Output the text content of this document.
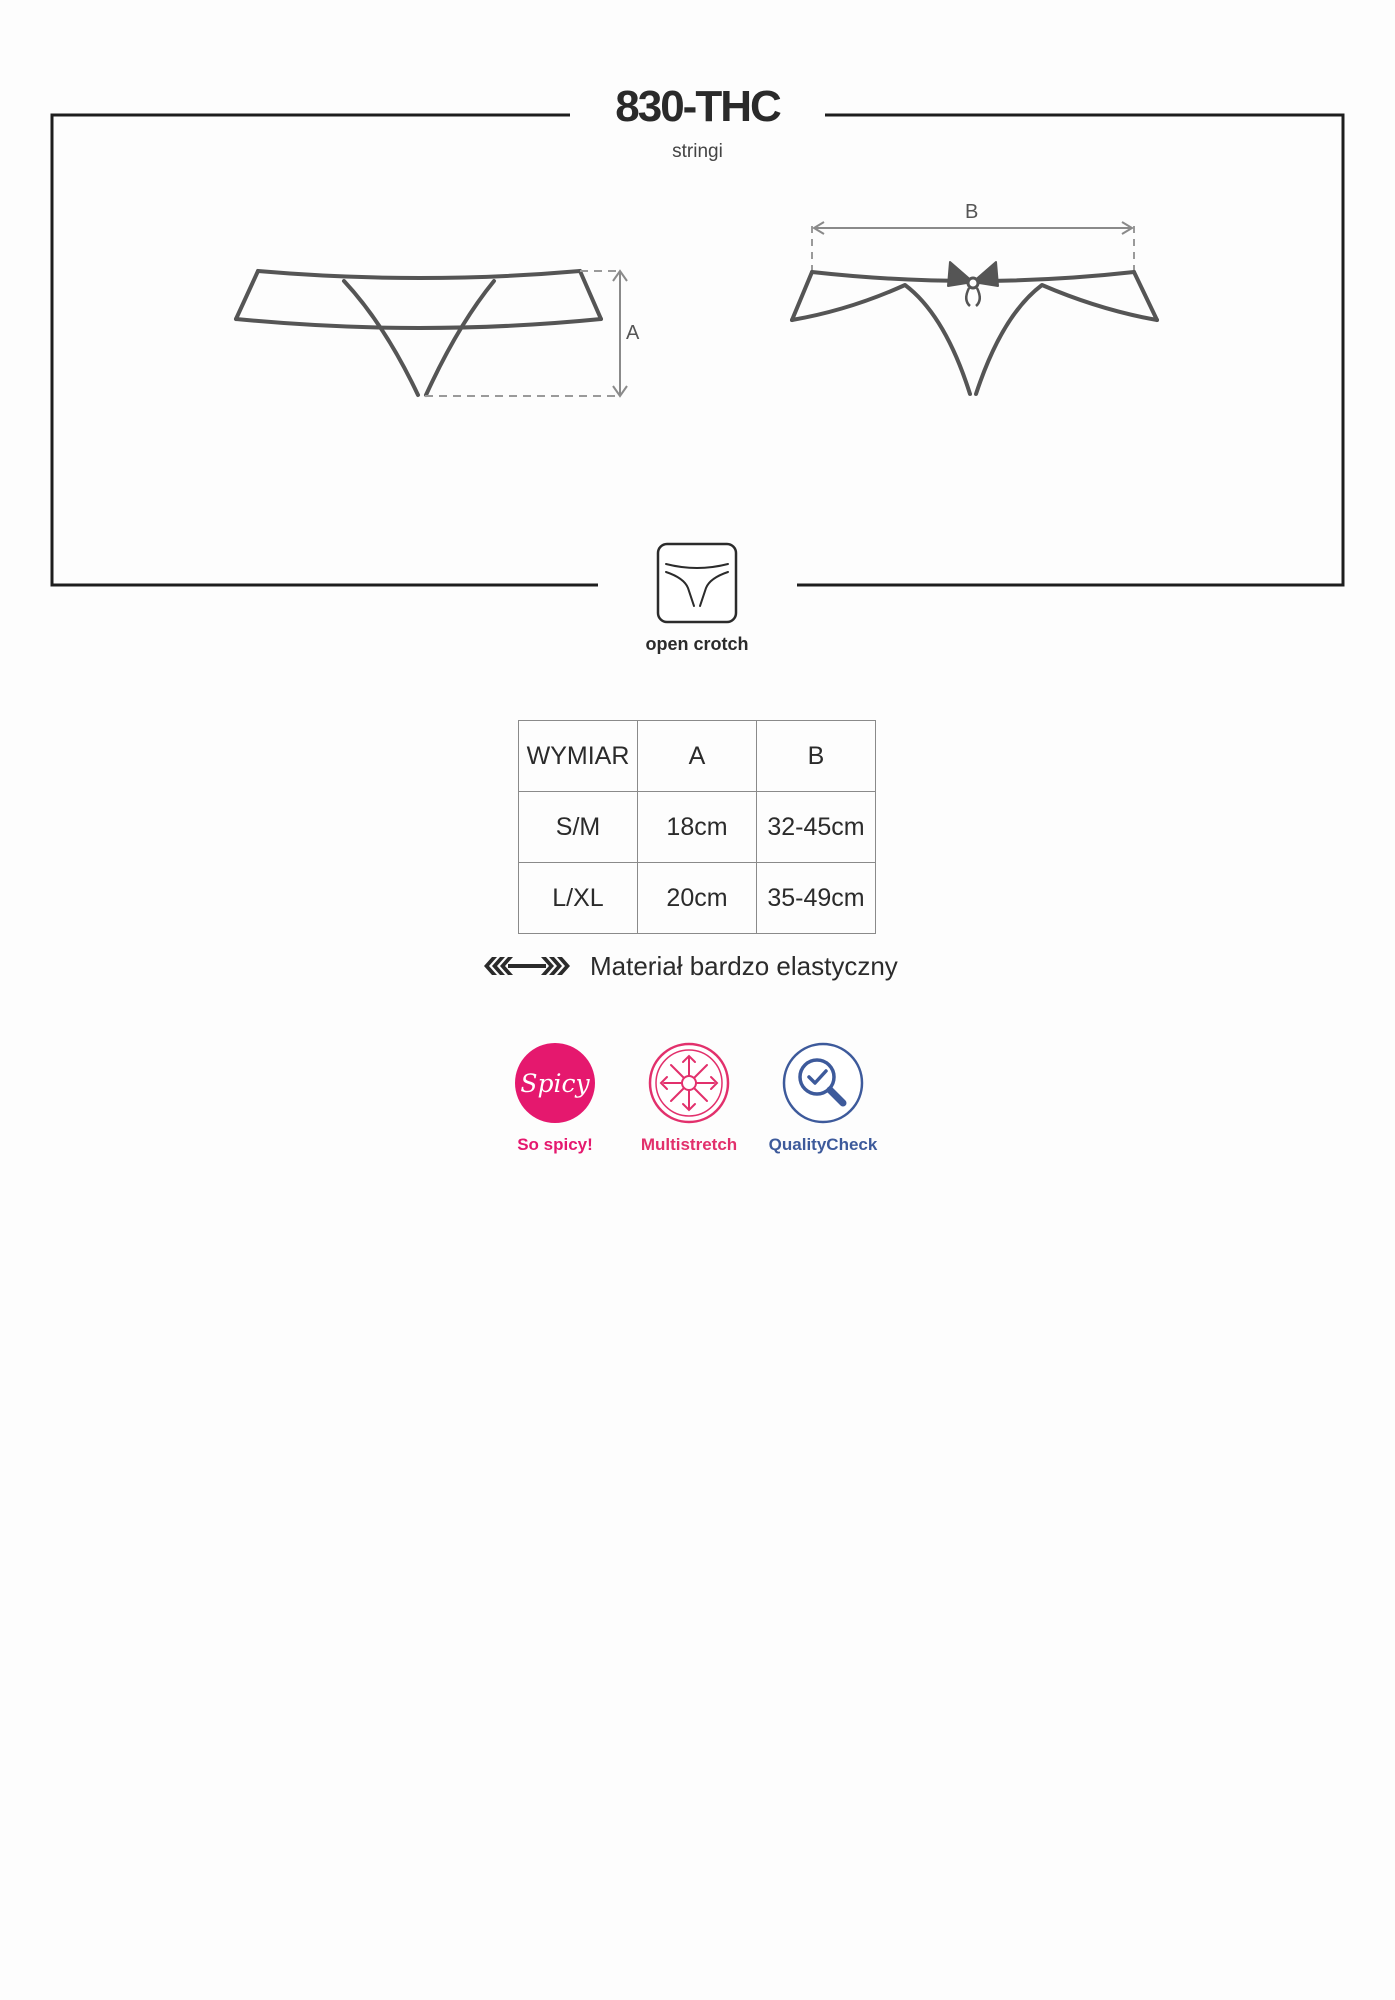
830-THC
stringi
A
B
open crotch
WYMIAR	A	B
S/M	18cm	32-45cm
L/XL	20cm	35-49cm
Materiał bardzo elastyczny
Spicy
So spicy!	Multistretch	QualityCheck
